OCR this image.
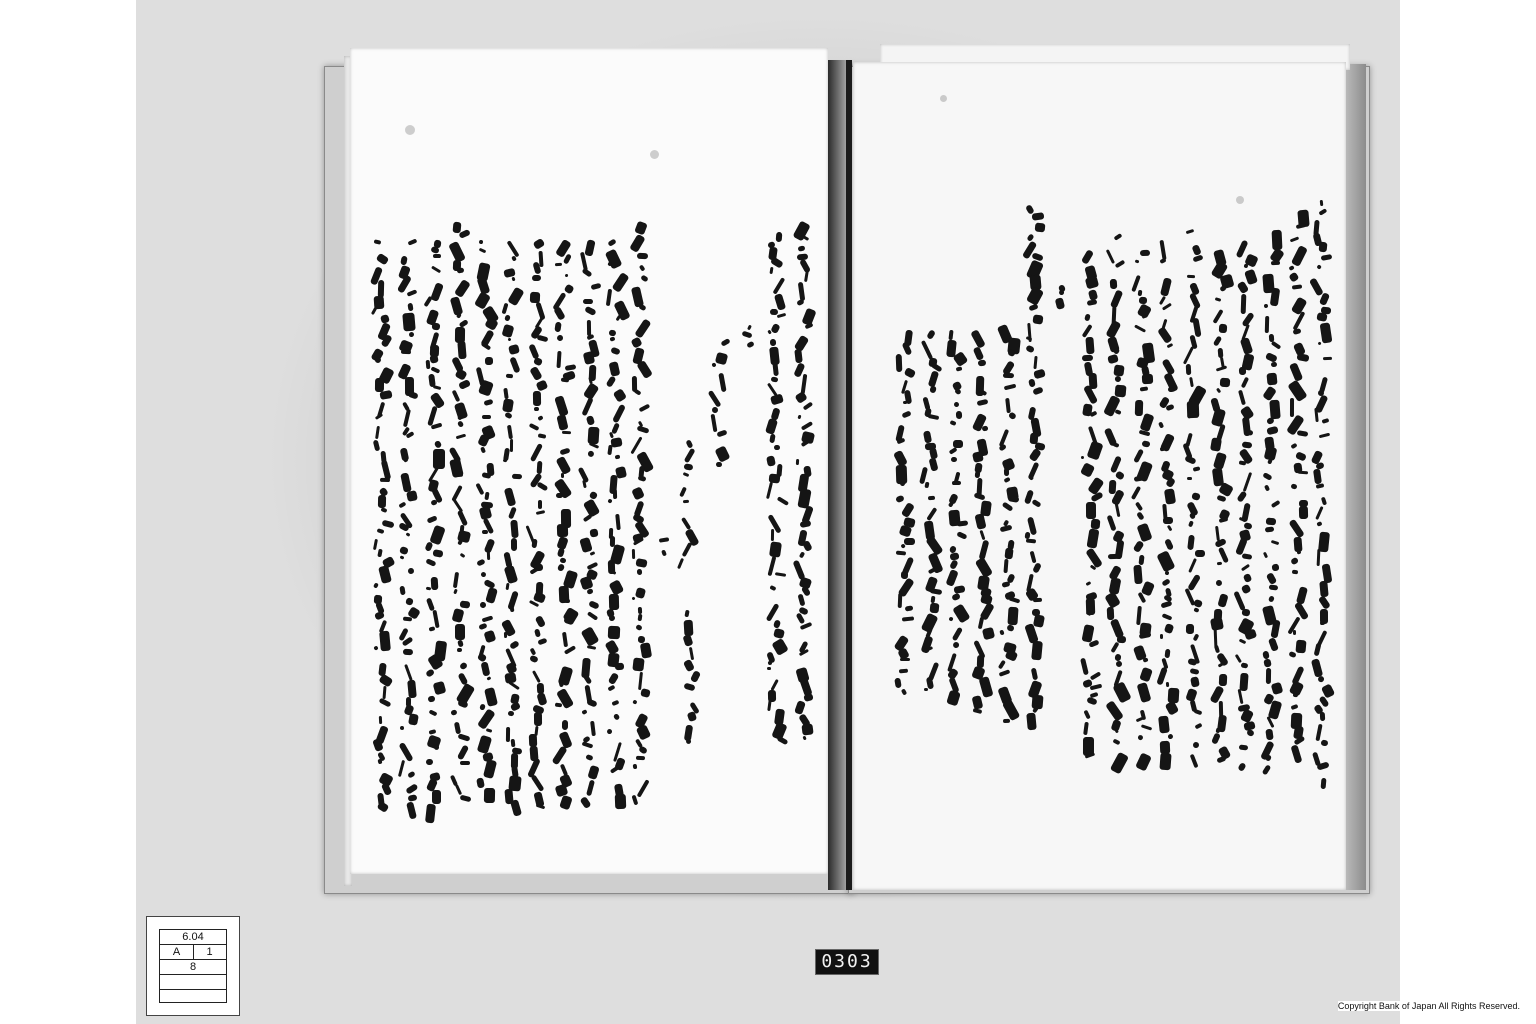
6.04
A	1
8	0303
Copyright Bank of Japan All Rights Reserved.
